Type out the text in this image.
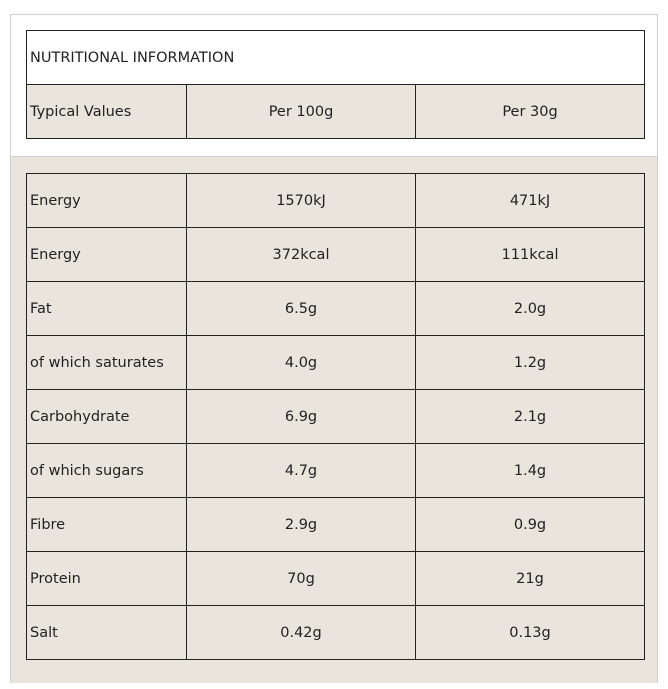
NUTRITIONAL INFORMATION
Typical Values	Per 100g	Per 30g
Energy	1570kJ	471kJ
Energy	372kcal	111kcal
Fat	6.5g	2.0g
of which saturates	4.0g	1.2g
Carbohydrate	6.9g	2.1g
of which sugars	4.7g	1.4g
Fibre	2.9g	0.9g
Protein	70g	21g
Salt	0.42g	0.13g
